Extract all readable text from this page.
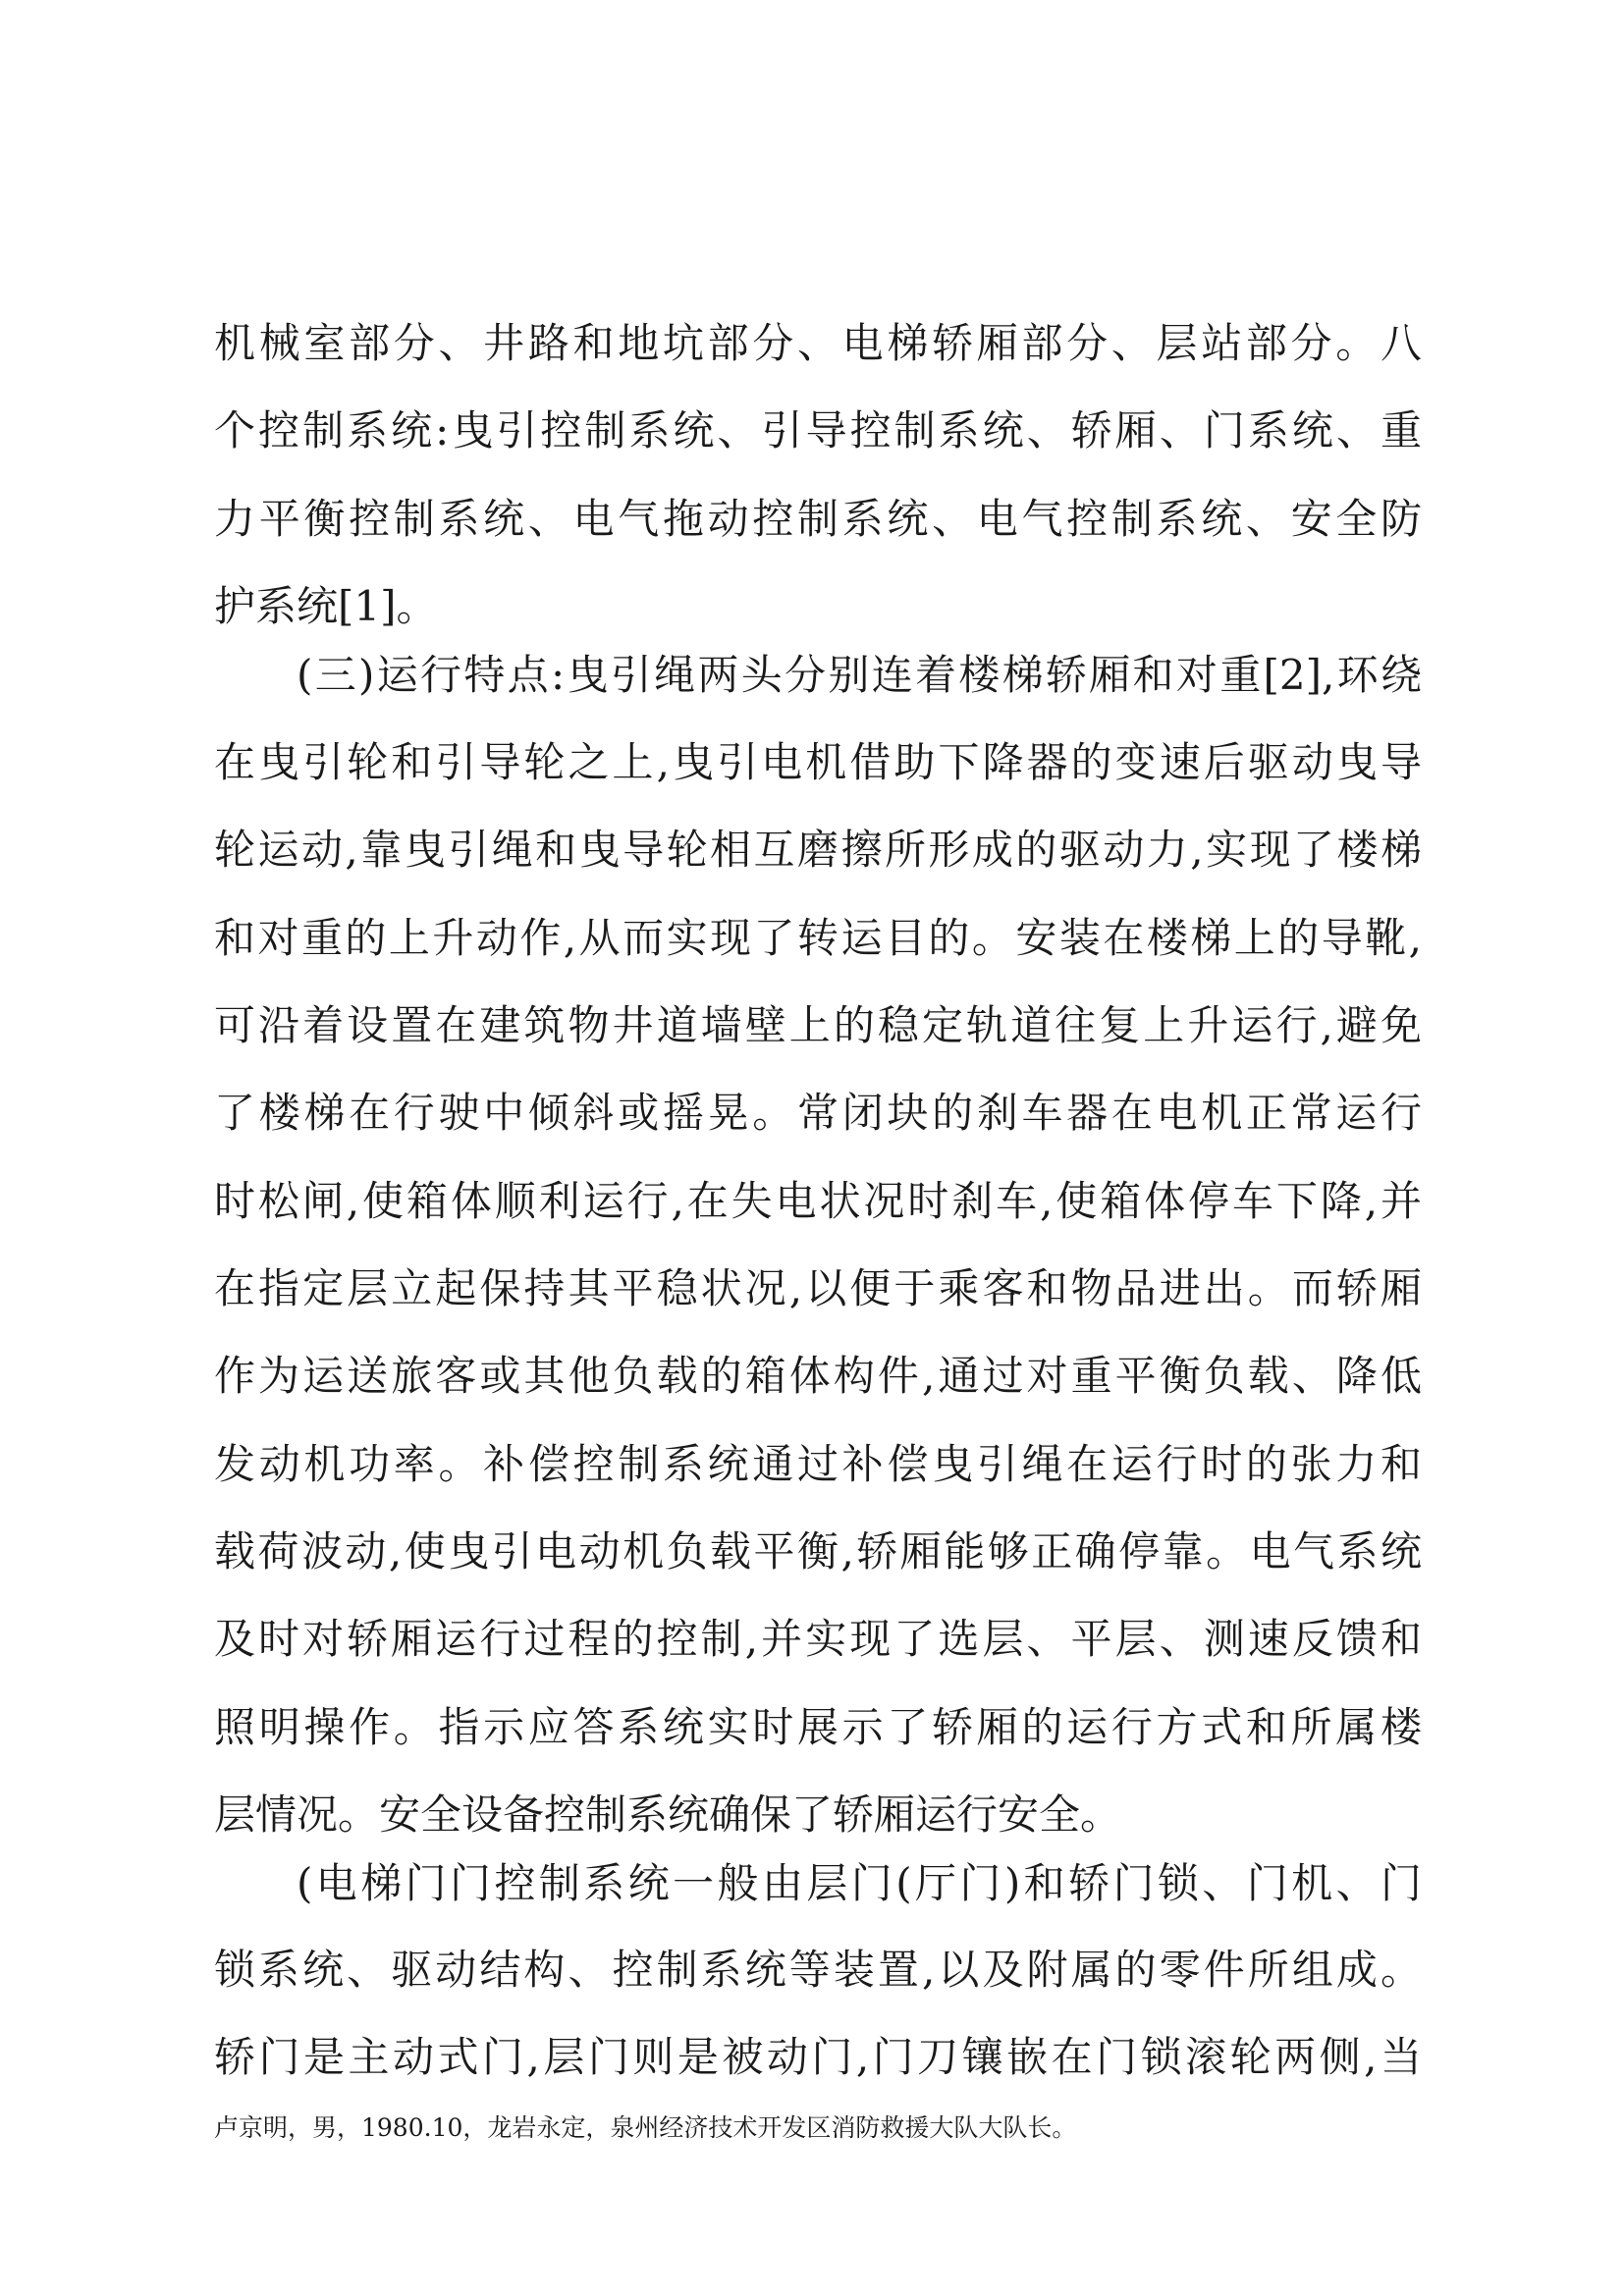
机械室部分、井路和地坑部分、电梯轿厢部分、层站部分。八
个控制系统:曳引控制系统、引导控制系统、轿厢、门系统、重
力平衡控制系统、电气拖动控制系统、电气控制系统、安全防
护系统[1]。
(三)运行特点:曳引绳两头分别连着楼梯轿厢和对重[2],环绕
在曳引轮和引导轮之上,曳引电机借助下降器的变速后驱动曳导
轮运动,靠曳引绳和曳导轮相互磨擦所形成的驱动力,实现了楼梯
和对重的上升动作,从而实现了转运目的。安装在楼梯上的导靴,
可沿着设置在建筑物井道墙壁上的稳定轨道往复上升运行,避免
了楼梯在行驶中倾斜或摇晃。常闭块的刹车器在电机正常运行
时松闸,使箱体顺利运行,在失电状况时刹车,使箱体停车下降,并
在指定层立起保持其平稳状况,以便于乘客和物品进出。而轿厢
作为运送旅客或其他负载的箱体构件,通过对重平衡负载、降低
发动机功率。补偿控制系统通过补偿曳引绳在运行时的张力和
载荷波动,使曳引电动机负载平衡,轿厢能够正确停靠。电气系统
及时对轿厢运行过程的控制,并实现了选层、平层、测速反馈和
照明操作。指示应答系统实时展示了轿厢的运行方式和所属楼
层情况。安全设备控制系统确保了轿厢运行安全。
(电梯门门控制系统一般由层门(厅门)和轿门锁、门机、门
锁系统、驱动结构、控制系统等装置,以及附属的零件所组成。
轿门是主动式门,层门则是被动门,门刀镶嵌在门锁滚轮两侧,当
卢京明，男，1980.10，龙岩永定，泉州经济技术开发区消防救援大队大队长。
